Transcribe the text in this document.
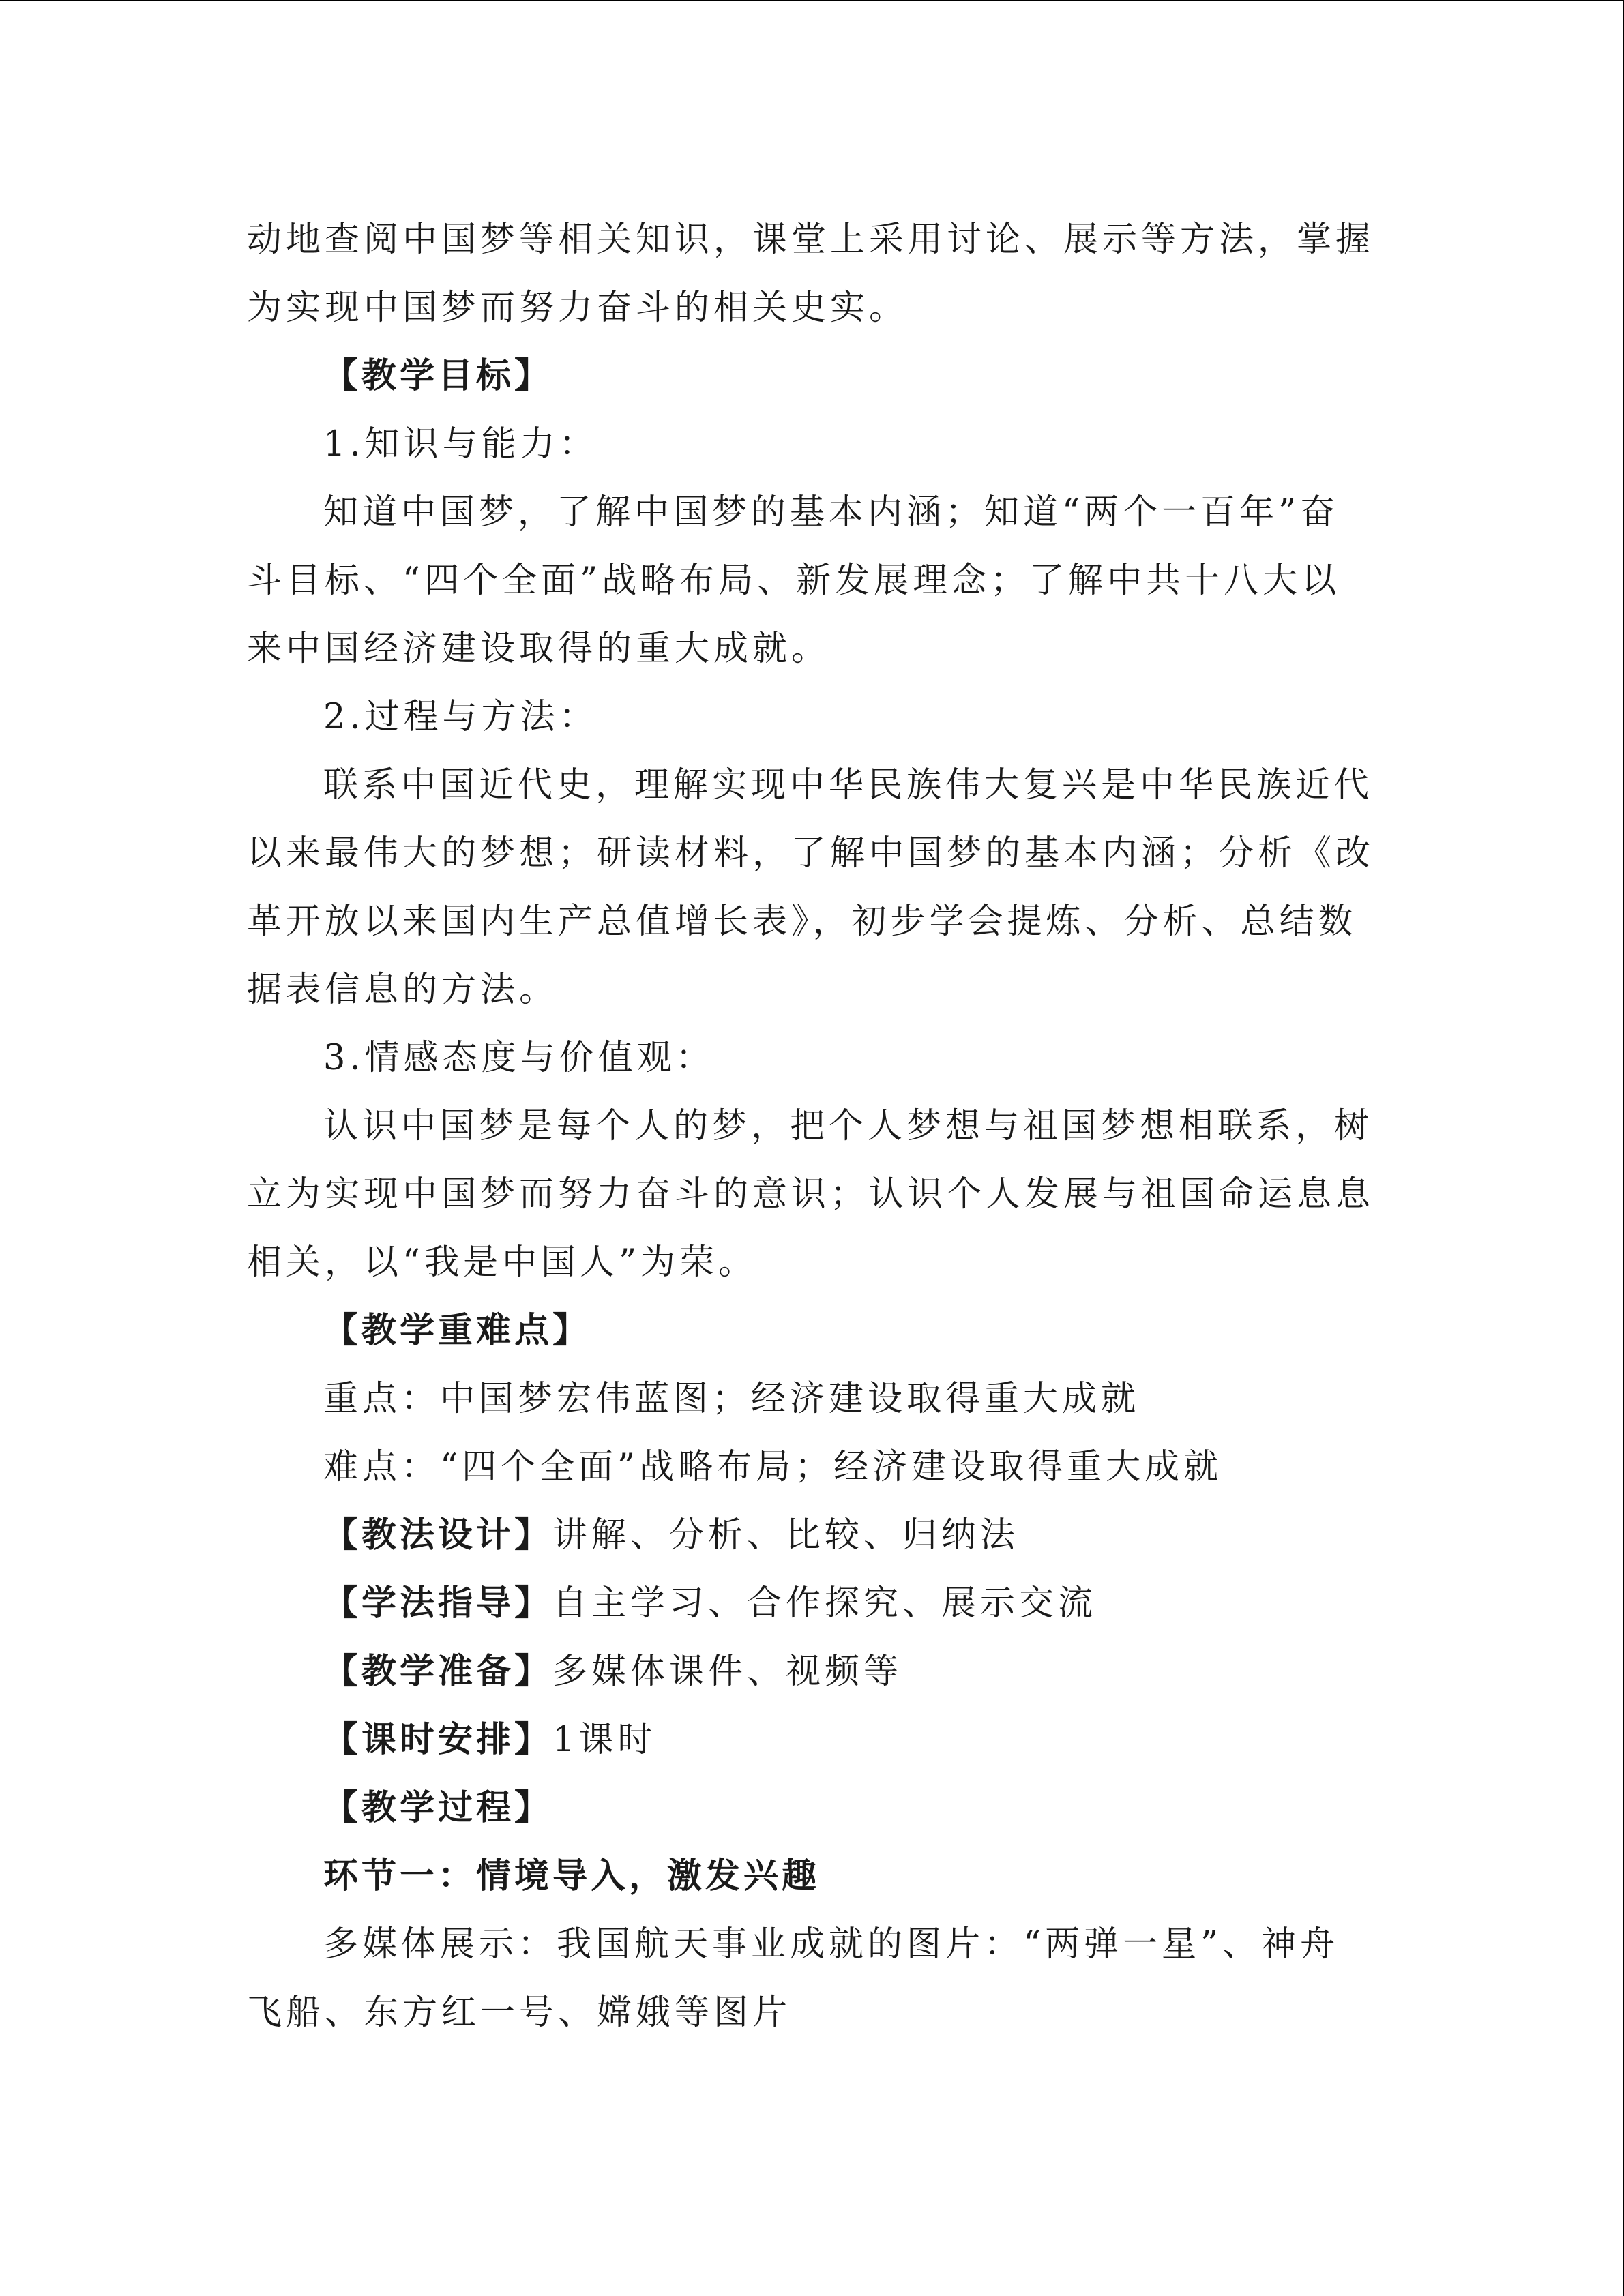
动地查阅中国梦等相关知识，课堂上采用讨论、展示等方法，掌握
为实现中国梦而努力奋斗的相关史实。
【教学目标】
1.知识与能力：
知道中国梦，了解中国梦的基本内涵；知道“两个一百年”奋
斗目标、“四个全面”战略布局、新发展理念；了解中共十八大以
来中国经济建设取得的重大成就。
2.过程与方法：
联系中国近代史，理解实现中华民族伟大复兴是中华民族近代
以来最伟大的梦想；研读材料，了解中国梦的基本内涵；分析《改
革开放以来国内生产总值增长表》，初步学会提炼、分析、总结数
据表信息的方法。
3.情感态度与价值观：
认识中国梦是每个人的梦，把个人梦想与祖国梦想相联系，树
立为实现中国梦而努力奋斗的意识；认识个人发展与祖国命运息息
相关，以“我是中国人”为荣。
【教学重难点】
重点：中国梦宏伟蓝图；经济建设取得重大成就
难点：“四个全面”战略布局；经济建设取得重大成就
【教法设计】讲解、分析、比较、归纳法
【学法指导】自主学习、合作探究、展示交流
【教学准备】多媒体课件、视频等
【课时安排】1课时
【教学过程】
环节一：情境导入，激发兴趣
多媒体展示：我国航天事业成就的图片：“两弹一星”、神舟
飞船、东方红一号、嫦娥等图片
